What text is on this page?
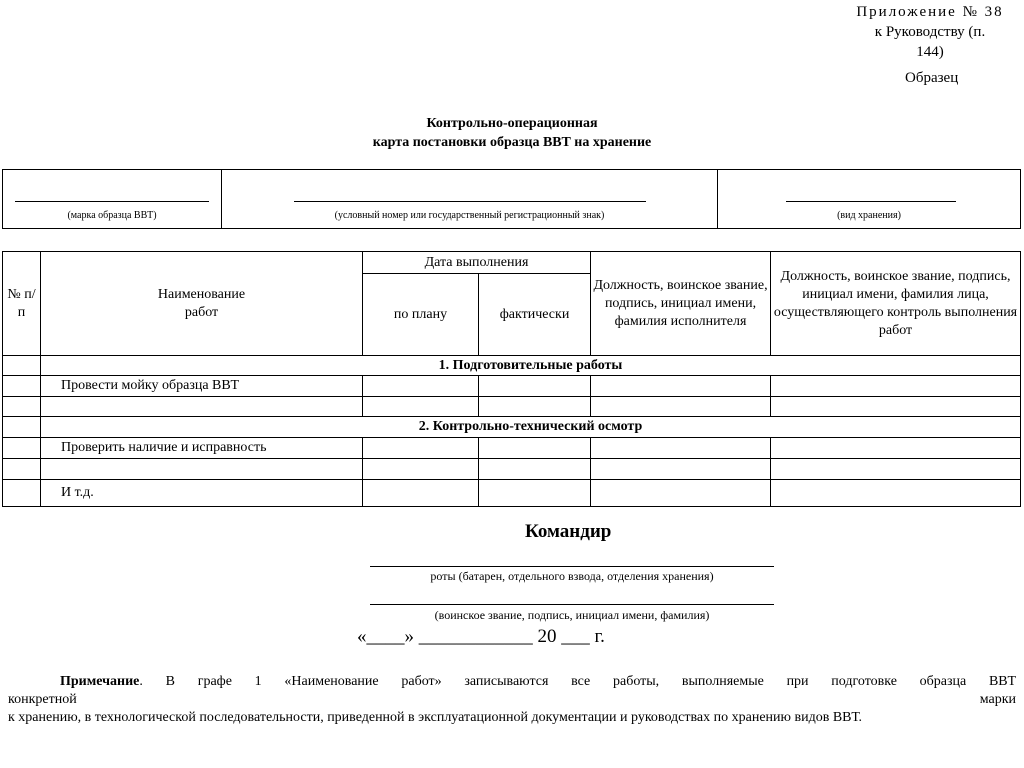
Приложение № 38
к Руководству (п.
144)
Образец
Контрольно-операционная
карта постановки образца ВВТ на хранение
(марка образца ВВТ)	(условный номер или государственный регистрационный знак)	(вид хранения)
№ п/п	Наименование работ	Дата выполнения		Должность, воинское звание, подпись, инициал имени, фамилия исполнителя	Должность, воинское звание, подпись, инициал имени, фамилия лица, осуществляющего контроль выполнения работ
		по плану	фактически		
	1. Подготовительные работы				
	Провести мойку образца ВВТ				

	2. Контрольно-технический осмотр				
	Проверить наличие и исправность				

	И т.д.				
Командир
роты (батарен, отдельного взвода, отделения хранения)
(воинское звание, подпись, инициал имени, фамилия)
«____» ____________ 20 ___ г.

Примечание. В графе 1 «Наименование работ» записываются все работы, выполняемые при подготовке образца ВВТ

конкретной	марки

к хранению, в технологической последовательности, приведенной в эксплуатационной документации и руководствах по хранению видов ВВТ.
